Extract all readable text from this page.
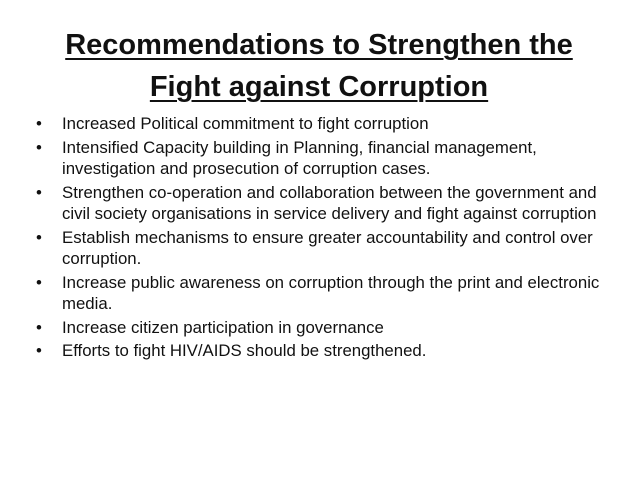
Recommendations to Strengthen the
Fight against Corruption
•	Increased Political commitment to fight corruption
•	Intensified Capacity building in Planning, financial management, investigation and prosecution of corruption cases.
•	Strengthen co-operation and collaboration between the government and civil society organisations in service delivery and fight against corruption
•	Establish mechanisms to ensure greater accountability and control over corruption.
•	Increase public awareness on corruption through the print and electronic media.
•	Increase citizen participation in governance
•	Efforts to fight HIV/AIDS should be strengthened.
